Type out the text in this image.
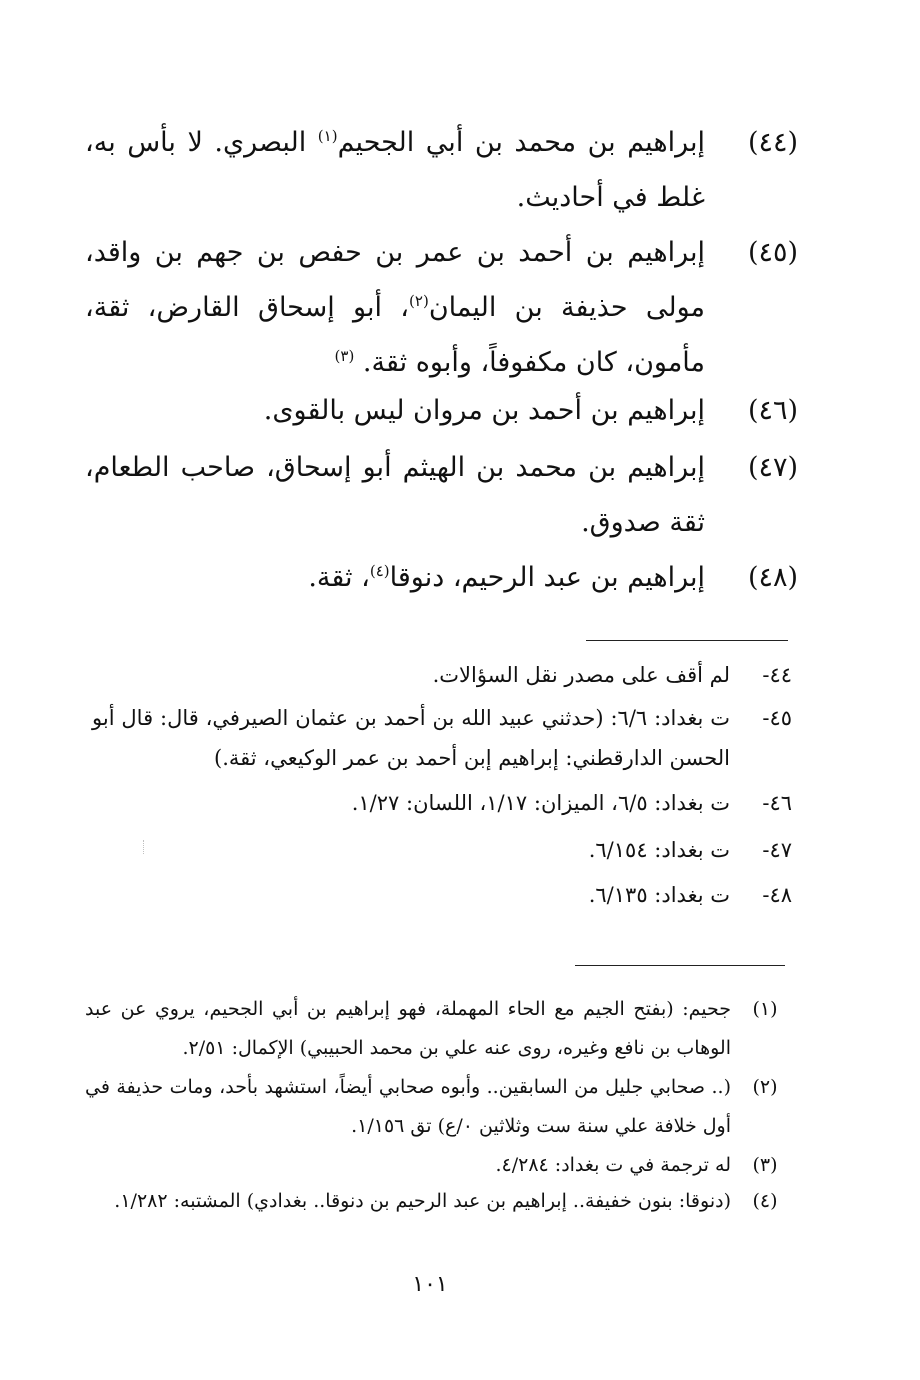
(٤٤)
إبراهيم بن محمد بن أبي الجحيم$^{(١)}$ البصري. لا بأس به، غلط في أحاديث.
(٤٥)
إبراهيم بن أحمد بن عمر بن حفص بن جهم بن واقد، مولى حذيفة بن اليمان$^{(٢)}$، أبو إسحاق القارض، ثقة، مأمون، كان مكفوفاً، وأبوه ثقة. $^{(٣)}$
(٤٦)
إبراهيم بن أحمد بن مروان ليس بالقوى.
(٤٧)
إبراهيم بن محمد بن الهيثم أبو إسحاق، صاحب الطعام، ثقة صدوق.
(٤٨)
إبراهيم بن عبد الرحيم، دنوقا$^{(٤)}$، ثقة.
٤٤-
لم أقف على مصدر نقل السؤالات.
٤٥-
ت بغداد: ٦/٦: (حدثني عبيد الله بن أحمد بن عثمان الصيرفي، قال: قال أبو الحسن الدارقطني: إبراهيم إبن أحمد بن عمر الوكيعي، ثقة.)
٤٦-
ت بغداد: ٦/٥، الميزان: ١/١٧، اللسان: ١/٢٧.
٤٧-
ت بغداد: ٦/١٥٤.
٤٨-
ت بغداد: ٦/١٣٥.
(١)
جحيم: (بفتح الجيم مع الحاء المهملة، فهو إبراهيم بن أبي الجحيم، يروي عن عبد الوهاب بن نافع وغيره، روى عنه علي بن محمد الحبيبي) الإكمال: ٢/٥١.
(٢)
(.. صحابي جليل من السابقين.. وأبوه صحابي أيضاً، استشهد بأحد، ومات حذيفة في أول خلافة علي سنة ست وثلاثين ٠/ع) تق ١/١٥٦.
(٣)
له ترجمة في ت بغداد: ٤/٢٨٤.
(٤)
(دنوقا: بنون خفيفة.. إبراهيم بن عبد الرحيم بن دنوقا.. بغدادي) المشتبه: ١/٢٨٢.
١٠١
